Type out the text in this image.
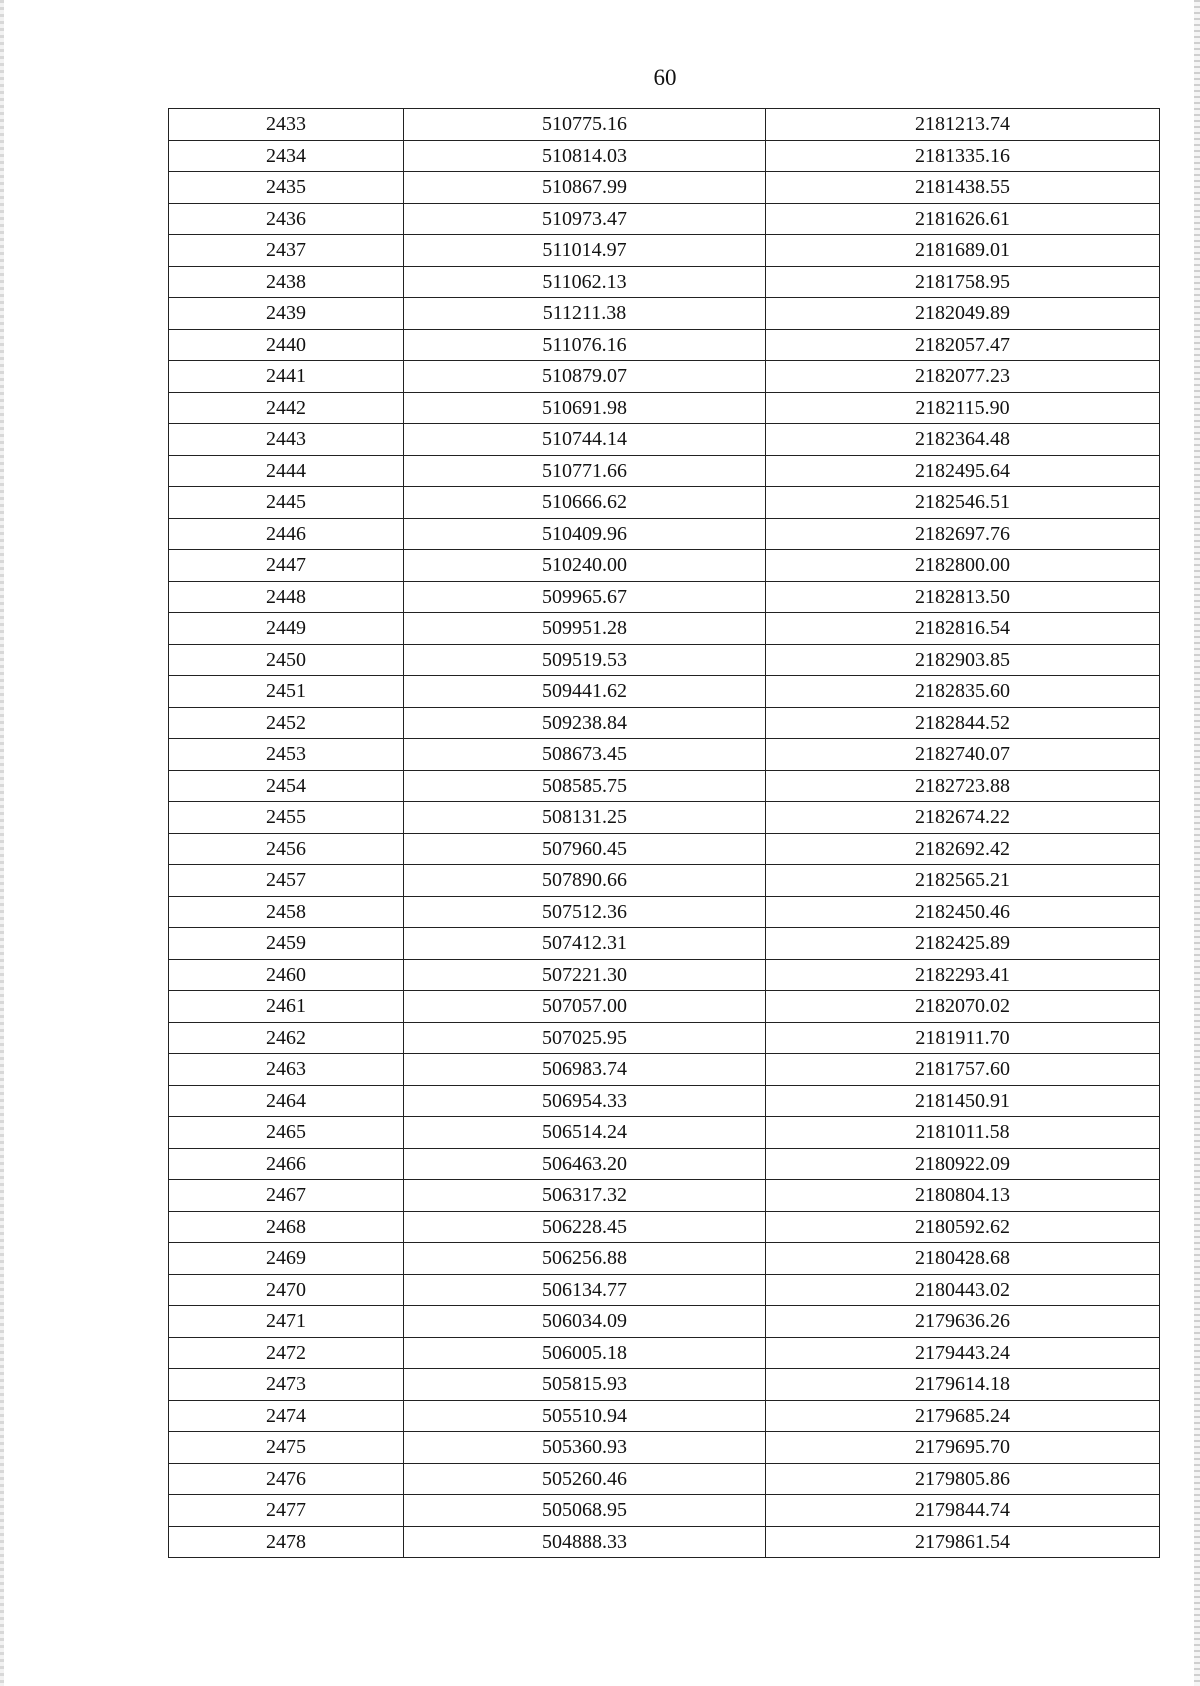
60
2433	510775.16	2181213.74
2434	510814.03	2181335.16
2435	510867.99	2181438.55
2436	510973.47	2181626.61
2437	511014.97	2181689.01
2438	511062.13	2181758.95
2439	511211.38	2182049.89
2440	511076.16	2182057.47
2441	510879.07	2182077.23
2442	510691.98	2182115.90
2443	510744.14	2182364.48
2444	510771.66	2182495.64
2445	510666.62	2182546.51
2446	510409.96	2182697.76
2447	510240.00	2182800.00
2448	509965.67	2182813.50
2449	509951.28	2182816.54
2450	509519.53	2182903.85
2451	509441.62	2182835.60
2452	509238.84	2182844.52
2453	508673.45	2182740.07
2454	508585.75	2182723.88
2455	508131.25	2182674.22
2456	507960.45	2182692.42
2457	507890.66	2182565.21
2458	507512.36	2182450.46
2459	507412.31	2182425.89
2460	507221.30	2182293.41
2461	507057.00	2182070.02
2462	507025.95	2181911.70
2463	506983.74	2181757.60
2464	506954.33	2181450.91
2465	506514.24	2181011.58
2466	506463.20	2180922.09
2467	506317.32	2180804.13
2468	506228.45	2180592.62
2469	506256.88	2180428.68
2470	506134.77	2180443.02
2471	506034.09	2179636.26
2472	506005.18	2179443.24
2473	505815.93	2179614.18
2474	505510.94	2179685.24
2475	505360.93	2179695.70
2476	505260.46	2179805.86
2477	505068.95	2179844.74
2478	504888.33	2179861.54
